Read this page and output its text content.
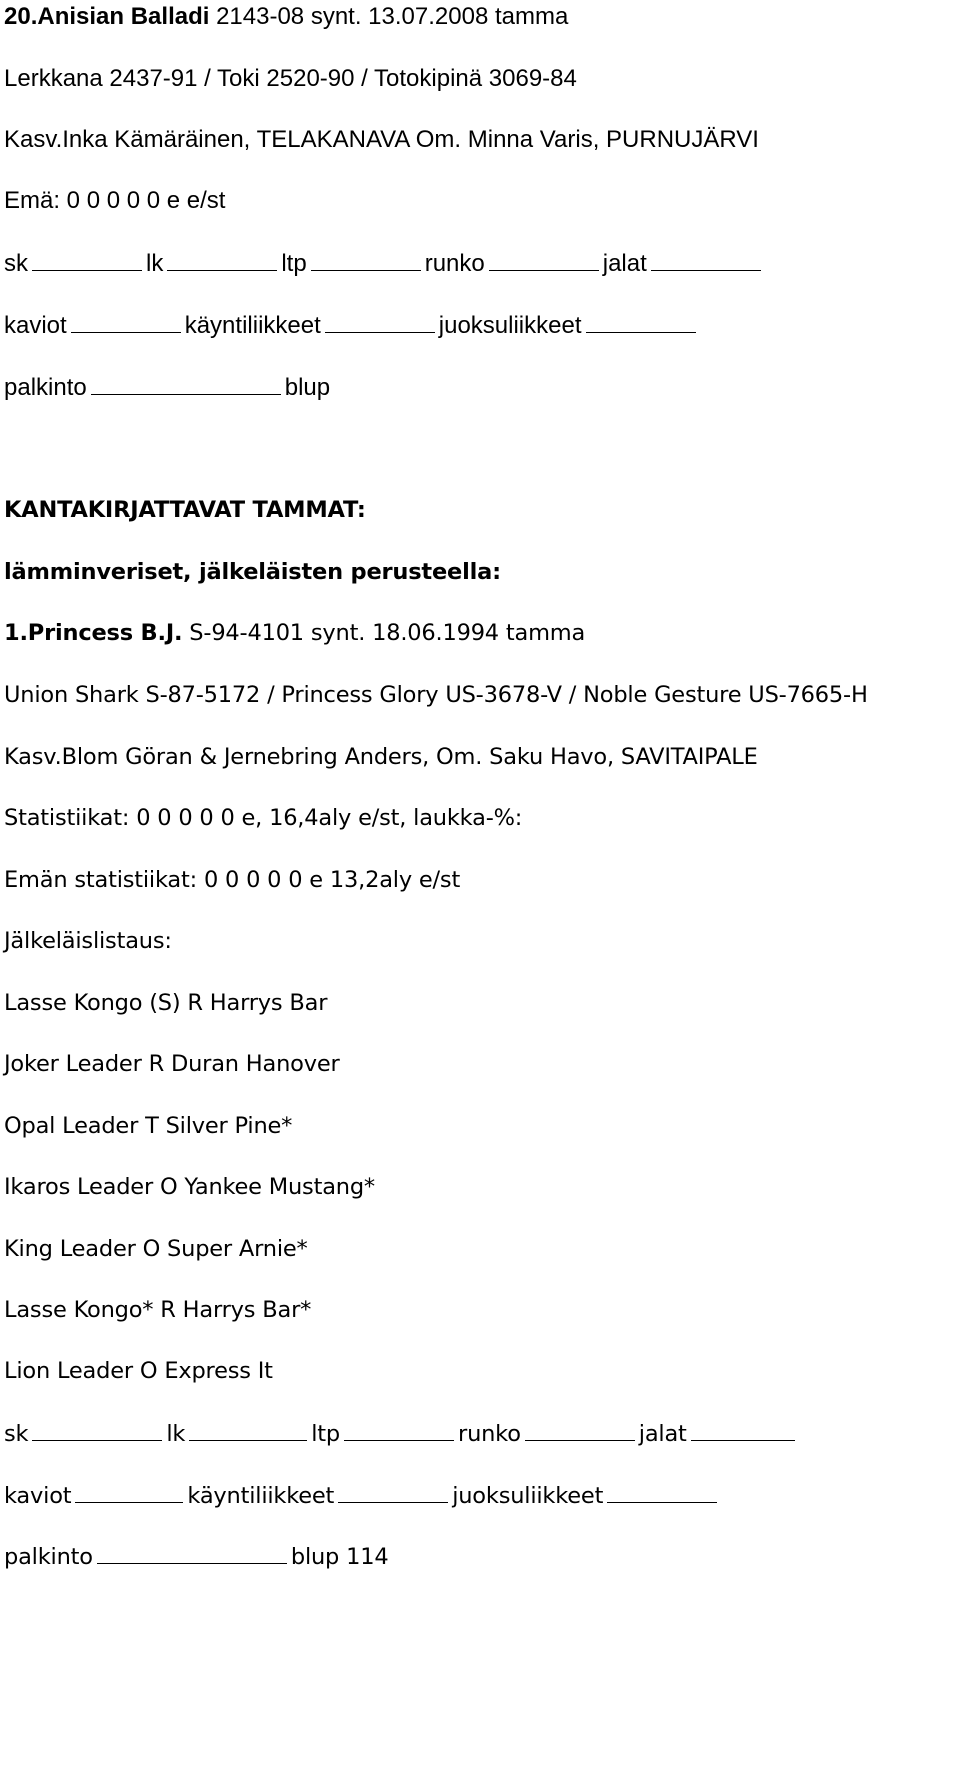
20.Anisian Balladi 2143-08 synt. 13.07.2008 tamma
Lerkkana 2437-91 / Toki 2520-90 / Totokipinä 3069-84
Kasv.Inka Kämäräinen, TELAKANAVA Om. Minna Varis, PURNUJÄRVI
Emä: 0 0 0 0 0 e e/st
sk	lk	ltp	runko	jalat
kaviot	käyntiliikkeet	juoksuliikkeet
palkinto	blup
KANTAKIRJATTAVAT TAMMAT:
lämminveriset, jälkeläisten perusteella:
1.Princess B.J. S-94-4101 synt. 18.06.1994 tamma
Union Shark S-87-5172 / Princess Glory US-3678-V / Noble Gesture US-7665-H
Kasv.Blom Göran & Jernebring Anders, Om. Saku Havo, SAVITAIPALE
Statistiikat: 0 0 0 0 0 e, 16,4aly e/st, laukka-%:
Emän statistiikat: 0 0 0 0 0 e 13,2aly e/st
Jälkeläislistaus:
Lasse Kongo (S) R Harrys Bar
Joker Leader R Duran Hanover
Opal Leader T Silver Pine*
Ikaros Leader O Yankee Mustang*
King Leader O Super Arnie*
Lasse Kongo* R Harrys Bar*
Lion Leader O Express It
sk	lk	ltp	runko	jalat
kaviot	käyntiliikkeet	juoksuliikkeet
palkinto	blup 114
